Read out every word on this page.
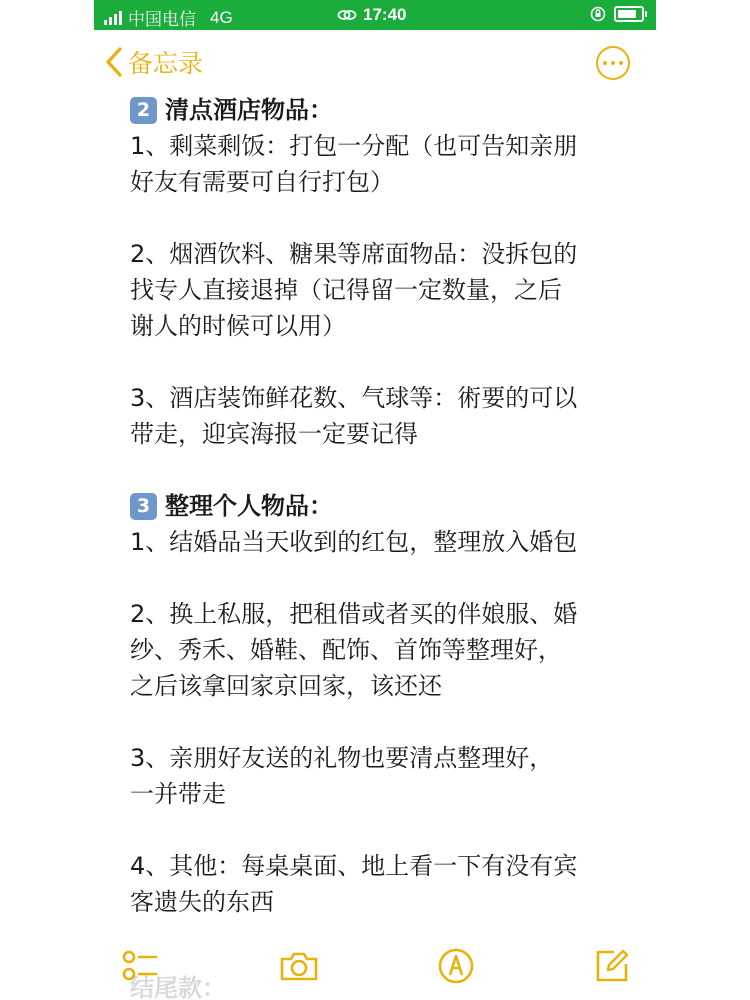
中国电信 4G	17:40
备忘录
2 清点酒店物品：
1、剩菜剩饭：打包一分配（也可告知亲朋
好友有需要可自行打包）
2、烟酒饮料、糖果等席面物品：没拆包的
找专人直接退掉（记得留一定数量，之后
谢人的时候可以用）
3、酒店装饰鲜花数、气球等：術要的可以
带走，迎宾海报一定要记得
3 整理个人物品：
1、结婚品当天收到的红包，整理放入婚包
2、换上私服，把租借或者买的伴娘服、婚
纱、秀禾、婚鞋、配饰、首饰等整理好，
之后该拿回家京回家，该还还
3、亲朋好友送的礼物也要清点整理好，
一并带走
4、其他：每桌桌面、地上看一下有没有宾
客遗失的东西
结尾款：
